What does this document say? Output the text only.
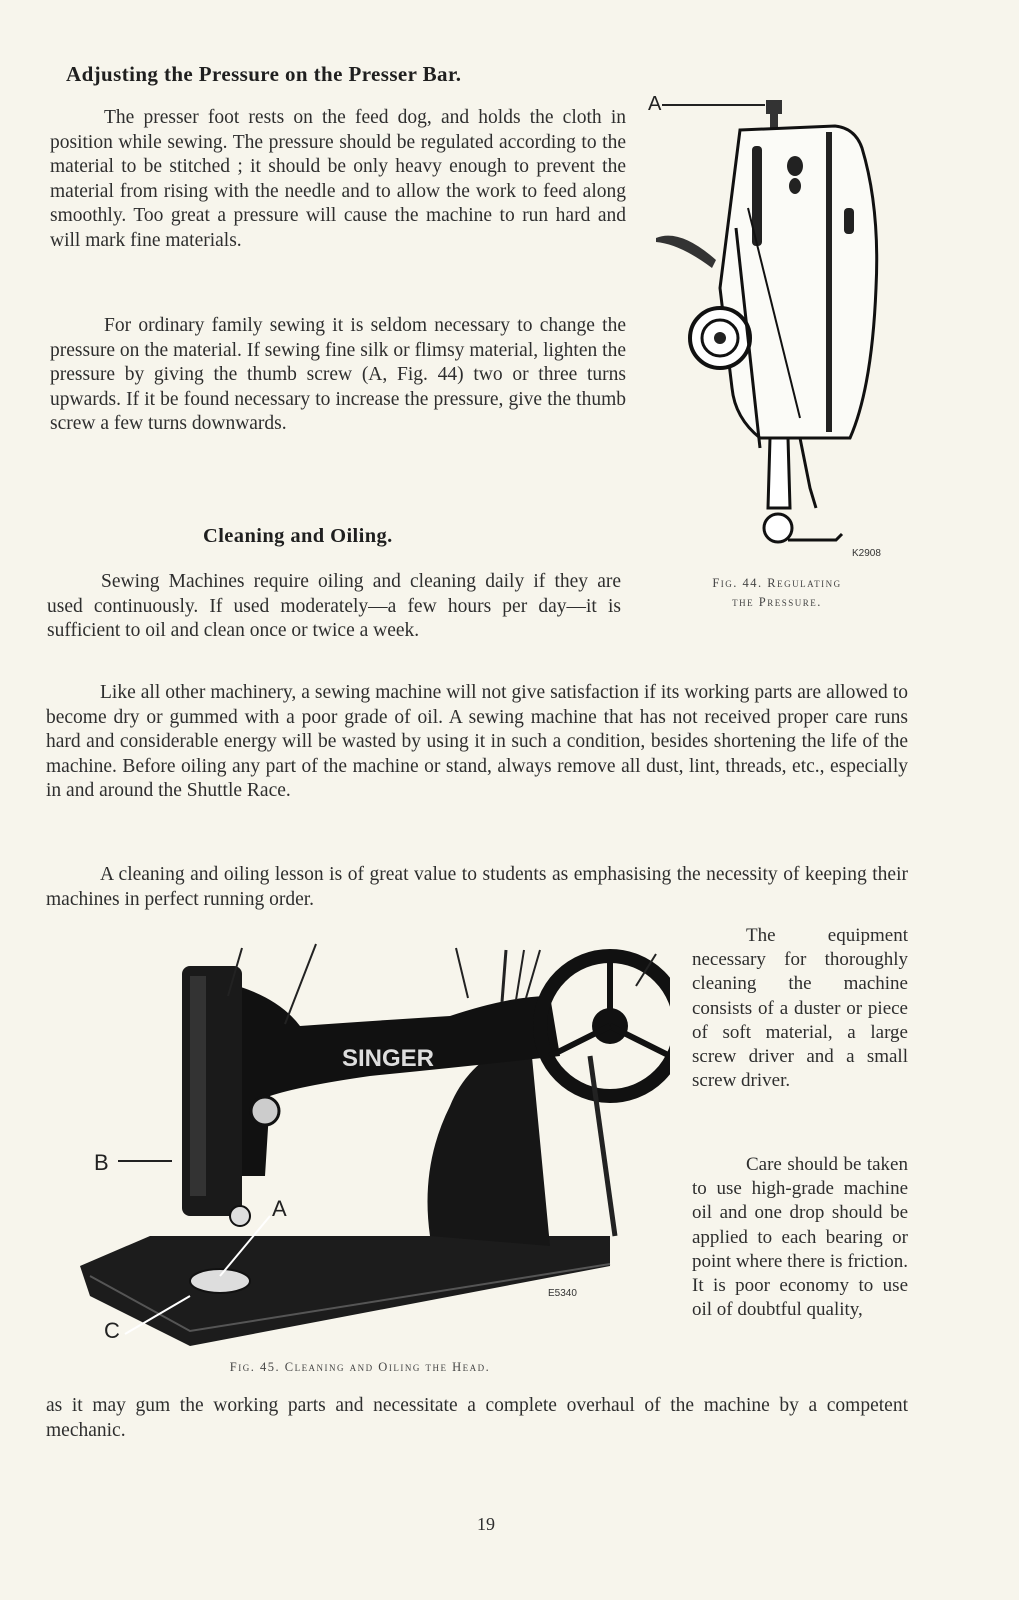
Adjusting the Pressure on the Presser Bar.

The presser foot rests on the feed dog, and holds the cloth in position while sewing. The pressure should be regulated according to the material to be stitched ; it should be only heavy enough to prevent the material from rising with the needle and to allow the work to feed along smoothly. Too great a pressure will cause the machine to run hard and will mark fine materials.

For ordinary family sewing it is seldom necessary to change the pressure on the material. If sewing fine silk or flimsy material, lighten the pressure by giving the thumb screw (A, Fig. 44) two or three turns upwards. If it be found necessary to increase the pressure, give the thumb screw a few turns downwards.

Cleaning and Oiling.

Sewing Machines require oiling and cleaning daily if they are used continuously. If used moderately—a few hours per day—it is sufficient to oil and clean once or twice a week.

Like all other machinery, a sewing machine will not give satisfaction if its working parts are allowed to become dry or gummed with a poor grade of oil. A sewing machine that has not received proper care runs hard and considerable energy will be wasted by using it in such a condition, besides shortening the life of the machine. Before oiling any part of the machine or stand, always remove all dust, lint, threads, etc., especially in and around the Shuttle Race.

A cleaning and oiling lesson is of great value to students as emphasising the necessity of keeping their machines in perfect running order.

The equipment necessary for thoroughly cleaning the machine consists of a duster or piece of soft material, a large screw driver and a small screw driver.

Care should be taken to use high-grade machine oil and one drop should be applied to each bearing or point where there is friction. It is poor economy to use oil of doubtful quality,

as it may gum the working parts and necessitate a complete overhaul of the machine by a competent mechanic.

A
K2908
Fig. 44. Regulating
the Pressure.
SINGER
B
A
C
E5340
Fig. 45. Cleaning and Oiling the Head.
19
